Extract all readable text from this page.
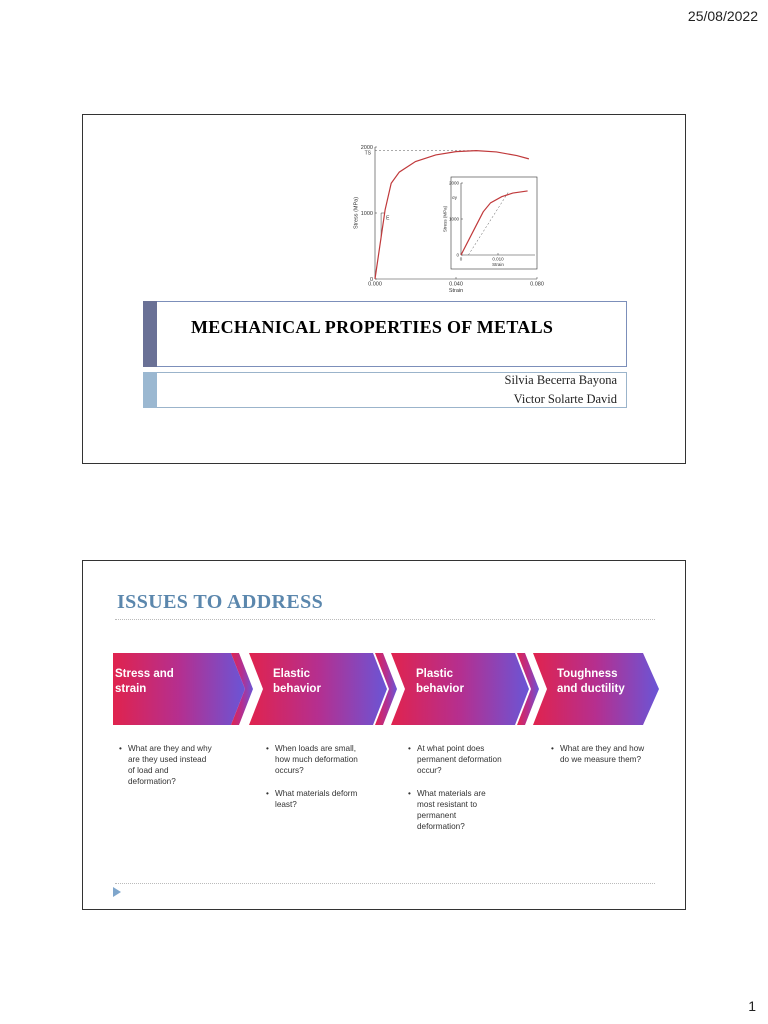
25/08/2022
0.000	0.040	0.080
0
1000
2000
Strain
Stress (MPa)
TS
E
0	0.010
0
1000
2000
Strain
Stress (MPa)
σy
MECHANICAL PROPERTIES OF METALS
Silvia Becerra Bayona
Victor Solarte David
ISSUES TO ADDRESS
Stress and
strain
Elastic
behavior
Plastic
behavior
Toughness
and ductility
• What are they and why are they used instead of load and deformation?
• When loads are small, how much deformation occurs?
• What materials deform least?
• At what point does permanent deformation occur?
• What materials are most resistant to permanent deformation?
• What are they and how do we measure them?
1
